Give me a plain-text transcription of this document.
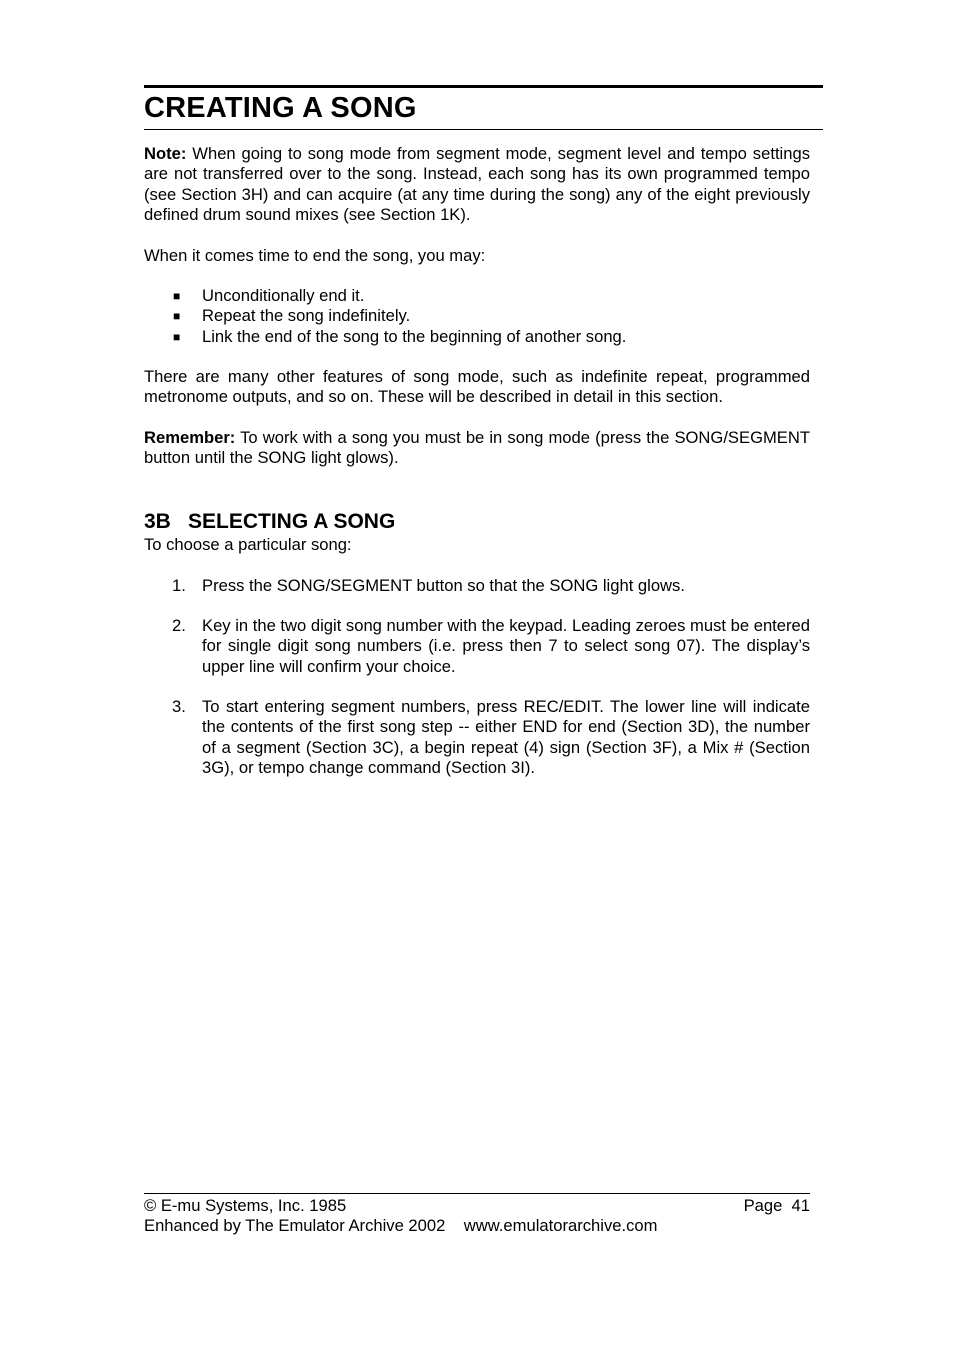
CREATING A SONG
Note: When going to song mode from segment mode, segment level and tempo settings are not transferred over to the song. Instead, each song has its own programmed tempo (see Section 3H) and can acquire (at any time during the song) any of the eight previously defined drum sound mixes (see Section 1K).
When it comes time to end the song, you may:
■ Unconditionally end it.
■ Repeat the song indefinitely.
■ Link the end of the song to the beginning of another song.
There are many other features of song mode, such as indefinite repeat, programmed metronome outputs, and so on. These will be described in detail in this section.
Remember: To work with a song you must be in song mode (press the SONG/SEGMENT button until the SONG light glows).
3B SELECTING A SONG
To choose a particular song:
1. Press the SONG/SEGMENT button so that the SONG light glows.
2. Key in the two digit song number with the keypad. Leading zeroes must be entered for single digit song numbers (i.e. press then 7 to select song 07). The display’s upper line will confirm your choice.
3. To start entering segment numbers, press REC/EDIT. The lower line will indicate the contents of the first song step -- either END for end (Section 3D), the number of a segment (Section 3C), a begin repeat (4) sign (Section 3F), a Mix # (Section 3G), or tempo change command (Section 3I).
© E-mu Systems, Inc. 1985	Page  41
Enhanced by The Emulator Archive 2002    www.emulatorarchive.com
